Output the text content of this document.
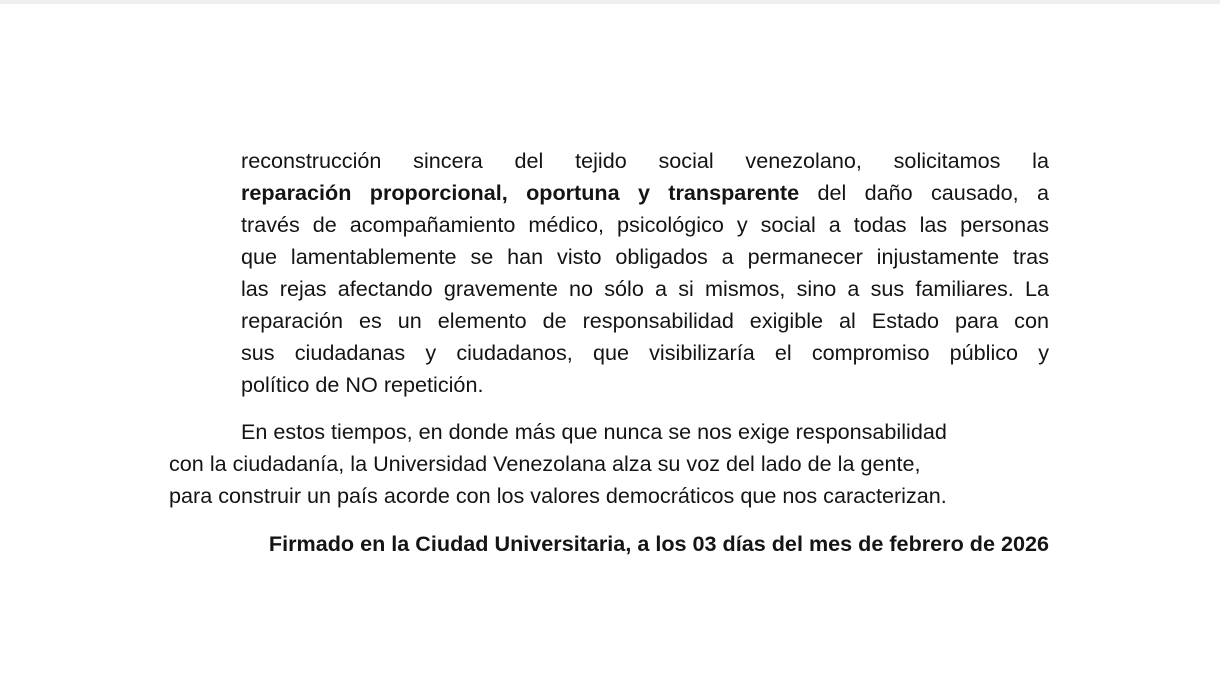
reconstrucción sincera del tejido social venezolano, solicitamos la
reparación proporcional, oportuna y transparente del daño causado, a
través de acompañamiento médico, psicológico y social a todas las personas
que lamentablemente se han visto obligados a permanecer injustamente tras
las rejas afectando gravemente no sólo a si mismos, sino a sus familiares. La
reparación es un elemento de responsabilidad exigible al Estado para con
sus ciudadanas y ciudadanos, que visibilizaría el compromiso público y
político de NO repetición.
En estos tiempos, en donde más que nunca se nos exige responsabilidad
con la ciudadanía, la Universidad Venezolana alza su voz del lado de la gente,
para construir un país acorde con los valores democráticos que nos caracterizan.
Firmado en la Ciudad Universitaria, a los 03 días del mes de febrero de 2026
